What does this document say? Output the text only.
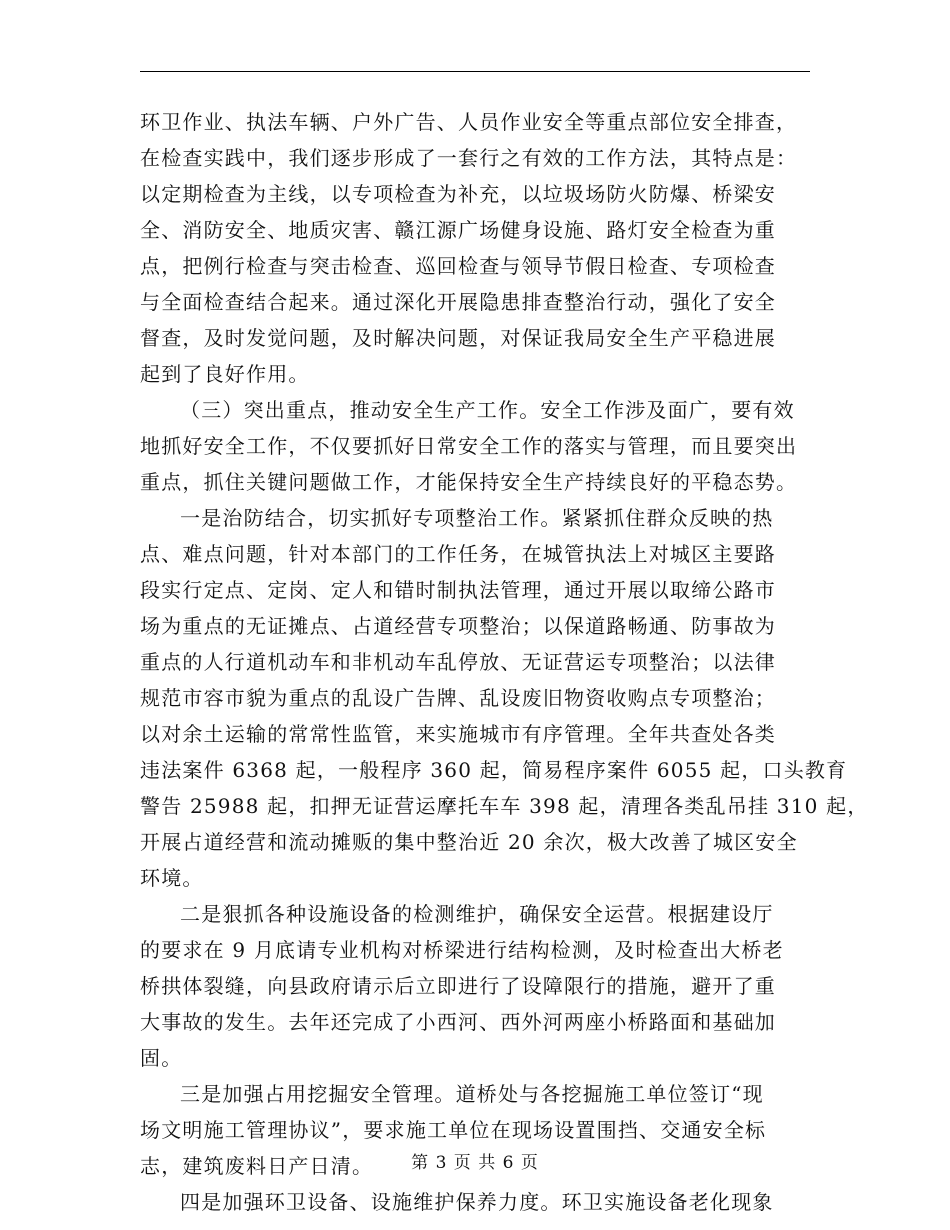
环卫作业、执法车辆、户外广告、人员作业安全等重点部位安全排查，
在检查实践中，我们逐步形成了一套行之有效的工作方法，其特点是：
以定期检查为主线，以专项检查为补充，以垃圾场防火防爆、桥梁安
全、消防安全、地质灾害、赣江源广场健身设施、路灯安全检查为重
点，把例行检查与突击检查、巡回检查与领导节假日检查、专项检查
与全面检查结合起来。通过深化开展隐患排查整治行动，强化了安全
督查，及时发觉问题，及时解决问题，对保证我局安全生产平稳进展
起到了良好作用。
（三）突出重点，推动安全生产工作。安全工作涉及面广，要有效
地抓好安全工作，不仅要抓好日常安全工作的落实与管理，而且要突出
重点，抓住关键问题做工作，才能保持安全生产持续良好的平稳态势。
一是治防结合，切实抓好专项整治工作。紧紧抓住群众反映的热
点、难点问题，针对本部门的工作任务，在城管执法上对城区主要路
段实行定点、定岗、定人和错时制执法管理，通过开展以取缔公路市
场为重点的无证摊点、占道经营专项整治；以保道路畅通、防事故为
重点的人行道机动车和非机动车乱停放、无证营运专项整治；以法律
规范市容市貌为重点的乱设广告牌、乱设废旧物资收购点专项整治；
以对余土运输的常常性监管，来实施城市有序管理。全年共查处各类
违法案件 6368 起，一般程序 360 起，简易程序案件 6055 起，口头教育
警告 25988 起，扣押无证营运摩托车车 398 起，清理各类乱吊挂 310 起，
开展占道经营和流动摊贩的集中整治近 20 余次，极大改善了城区安全
环境。
二是狠抓各种设施设备的检测维护，确保安全运营。根据建设厅
的要求在 9 月底请专业机构对桥梁进行结构检测，及时检查出大桥老
桥拱体裂缝，向县政府请示后立即进行了设障限行的措施，避开了重
大事故的发生。去年还完成了小西河、西外河两座小桥路面和基础加
固。
三是加强占用挖掘安全管理。道桥处与各挖掘施工单位签订“现
场文明施工管理协议”，要求施工单位在现场设置围挡、交通安全标
志，建筑废料日产日清。
四是加强环卫设备、设施维护保养力度。环卫实施设备老化现象
第 3 页 共 6 页
